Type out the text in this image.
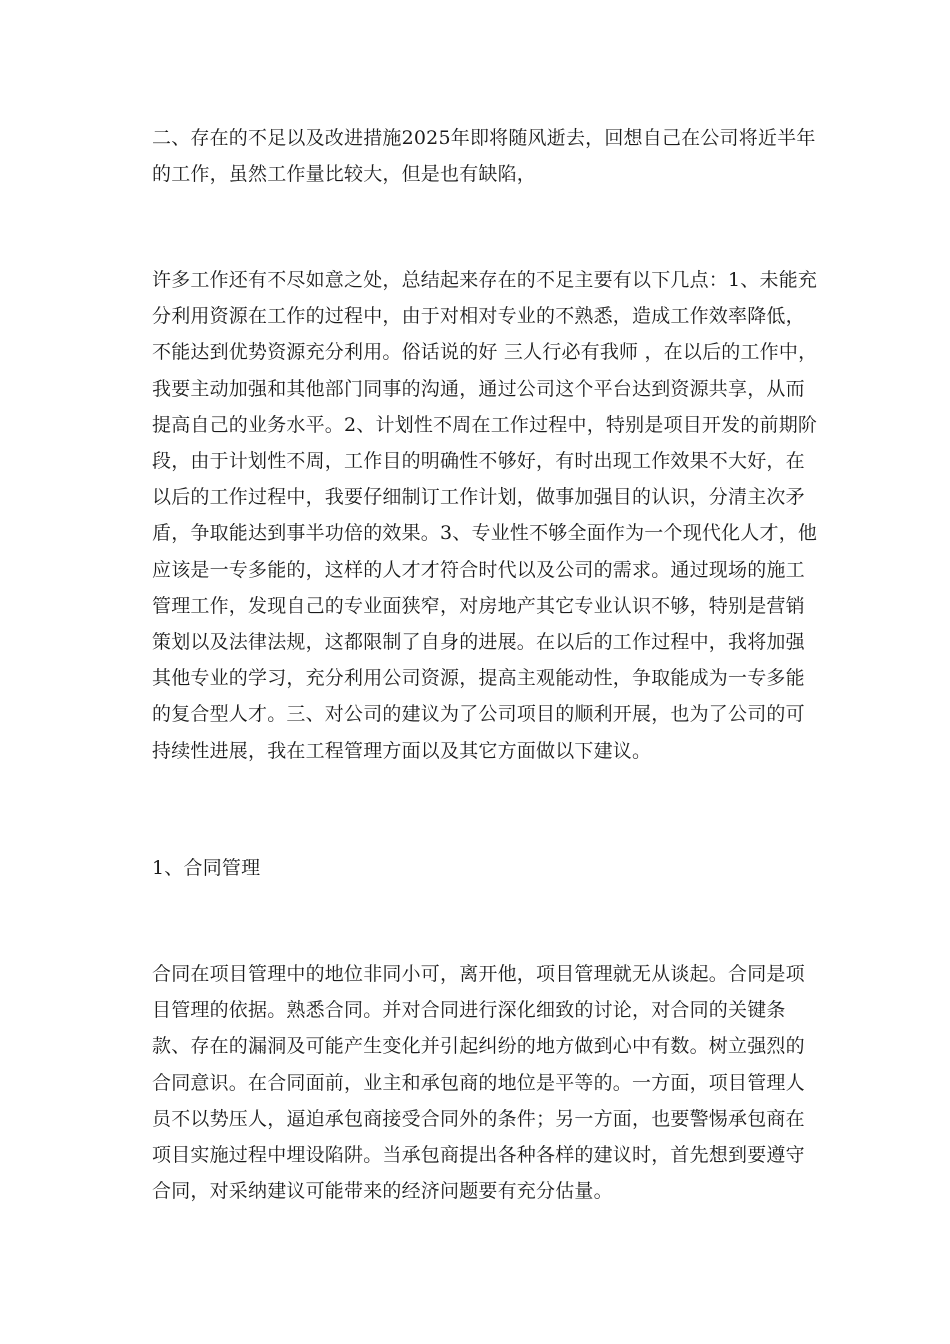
二、存在的不足以及改进措施2025年即将随风逝去，回想自己在公司将近半年的工作，虽然工作量比较大，但是也有缺陷，

许多工作还有不尽如意之处，总结起来存在的不足主要有以下几点：1、未能充分利用资源在工作的过程中，由于对相对专业的不熟悉，造成工作效率降低，不能达到优势资源充分利用。俗话说的好 三人行必有我师 ，在以后的工作中，我要主动加强和其他部门同事的沟通，通过公司这个平台达到资源共享，从而提高自己的业务水平。2、计划性不周在工作过程中，特别是项目开发的前期阶段，由于计划性不周，工作目的明确性不够好，有时出现工作效果不大好，在以后的工作过程中，我要仔细制订工作计划，做事加强目的认识，分清主次矛盾，争取能达到事半功倍的效果。3、专业性不够全面作为一个现代化人才，他应该是一专多能的，这样的人才才符合时代以及公司的需求。通过现场的施工管理工作，发现自己的专业面狭窄，对房地产其它专业认识不够，特别是营销策划以及法律法规，这都限制了自身的进展。在以后的工作过程中，我将加强其他专业的学习，充分利用公司资源，提高主观能动性，争取能成为一专多能的复合型人才。三、对公司的建议为了公司项目的顺利开展，也为了公司的可持续性进展，我在工程管理方面以及其它方面做以下建议。

1、合同管理

合同在项目管理中的地位非同小可，离开他，项目管理就无从谈起。合同是项目管理的依据。熟悉合同。并对合同进行深化细致的讨论，对合同的关键条款、存在的漏洞及可能产生变化并引起纠纷的地方做到心中有数。树立强烈的合同意识。在合同面前，业主和承包商的地位是平等的。一方面，项目管理人员不以势压人，逼迫承包商接受合同外的条件；另一方面，也要警惕承包商在项目实施过程中埋设陷阱。当承包商提出各种各样的建议时，首先想到要遵守合同，对采纳建议可能带来的经济问题要有充分估量。
